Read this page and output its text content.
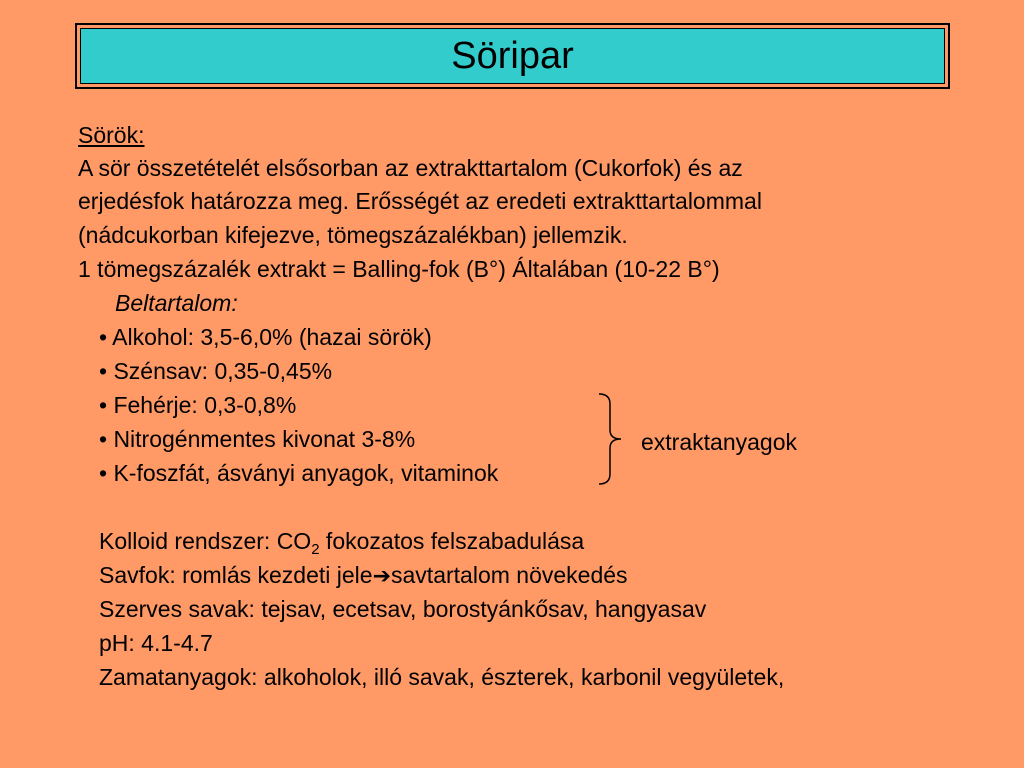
Söripar
Sörök:
A sör összetételét elsősorban az extrakttartalom (Cukorfok) és az
erjedésfok határozza meg. Erősségét az eredeti extrakttartalommal
(nádcukorban kifejezve, tömegszázalékban) jellemzik.
1 tömegszázalék extrakt = Balling-fok (B°) Általában (10-22 B°)
Beltartalom:
• Alkohol: 3,5-6,0% (hazai sörök)
• Szénsav: 0,35-0,45%
• Fehérje: 0,3-0,8%
• Nitrogénmentes kivonat 3-8%
• K-foszfát, ásványi anyagok, vitaminok
extraktanyagok
Kolloid rendszer: $CO_2$ fokozatos felszabadulása
Savfok: romlás kezdeti jele➔savtartalom növekedés
Szerves savak: tejsav, ecetsav, borostyánkősav, hangyasav
pH: 4.1-4.7
Zamatanyagok: alkoholok, illó savak, észterek, karbonil vegyületek,
